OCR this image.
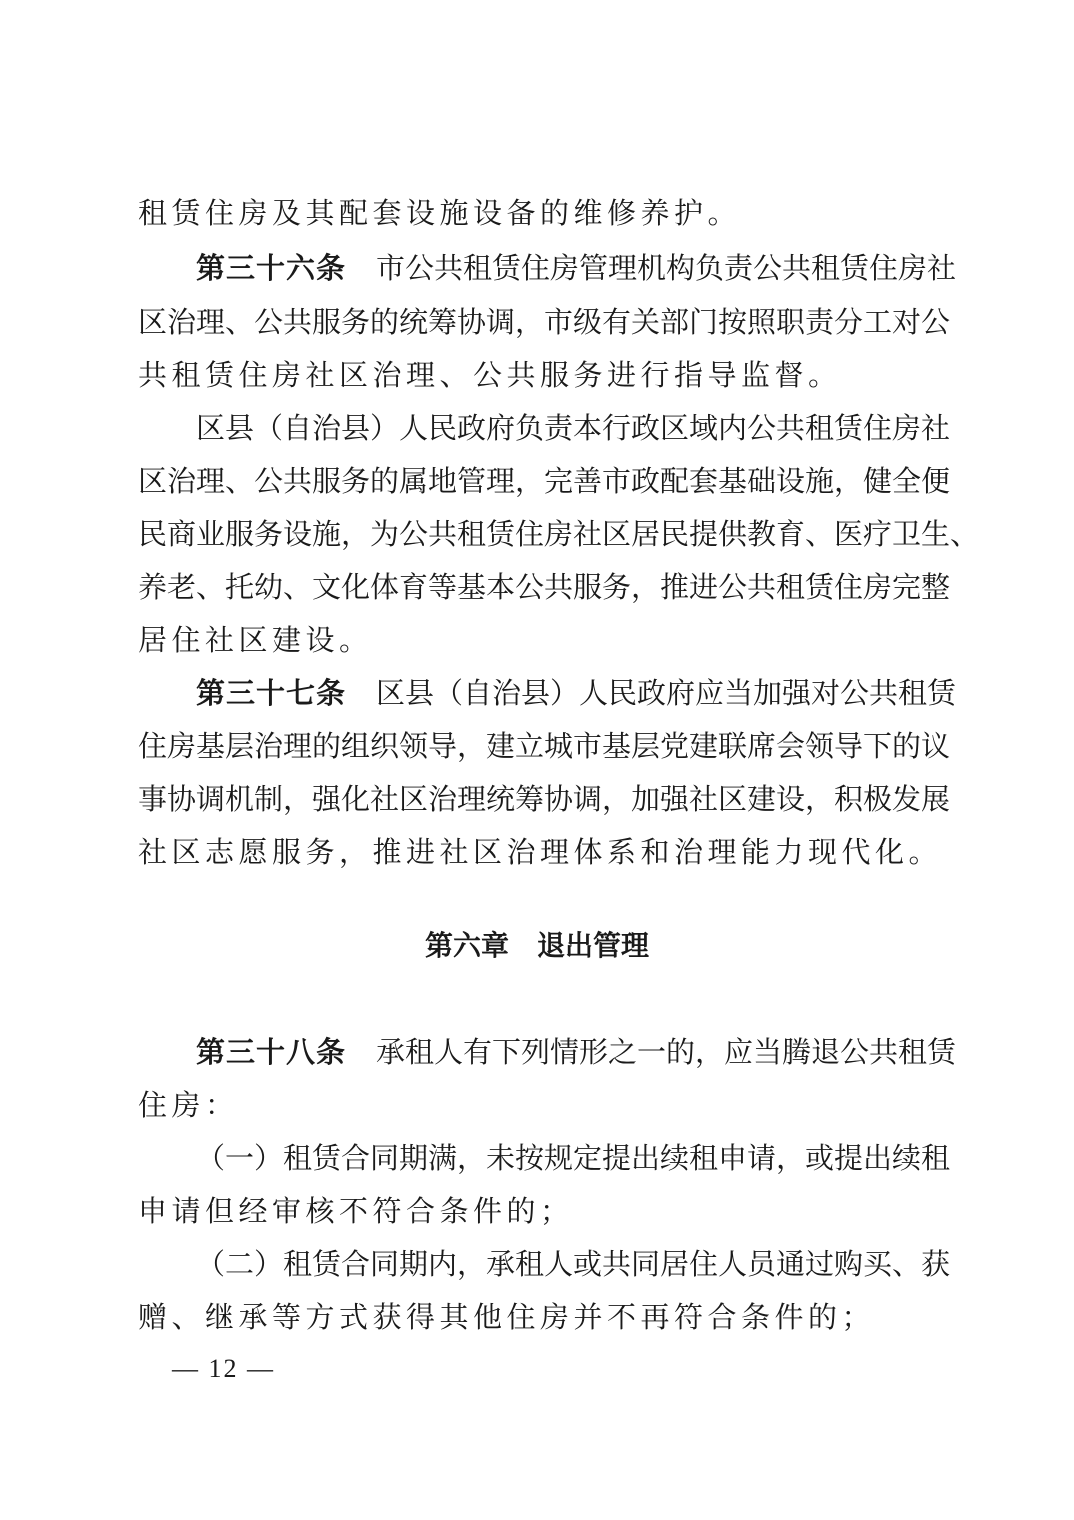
租赁住房及其配套设施设备的维修养护。
第三十六条 市公共租赁住房管理机构负责公共租赁住房社
区治理、公共服务的统筹协调，市级有关部门按照职责分工对公
共租赁住房社区治理、公共服务进行指导监督。
区县（自治县）人民政府负责本行政区域内公共租赁住房社
区治理、公共服务的属地管理，完善市政配套基础设施，健全便
民商业服务设施，为公共租赁住房社区居民提供教育、医疗卫生、
养老、托幼、文化体育等基本公共服务，推进公共租赁住房完整
居住社区建设。
第三十七条 区县（自治县）人民政府应当加强对公共租赁
住房基层治理的组织领导，建立城市基层党建联席会领导下的议
事协调机制，强化社区治理统筹协调，加强社区建设，积极发展
社区志愿服务，推进社区治理体系和治理能力现代化。
第六章 退出管理
第三十八条 承租人有下列情形之一的，应当腾退公共租赁
住房：
（一）租赁合同期满，未按规定提出续租申请，或提出续租
申请但经审核不符合条件的；
（二）租赁合同期内，承租人或共同居住人员通过购买、获
赠、继承等方式获得其他住房并不再符合条件的；
— 12 —
